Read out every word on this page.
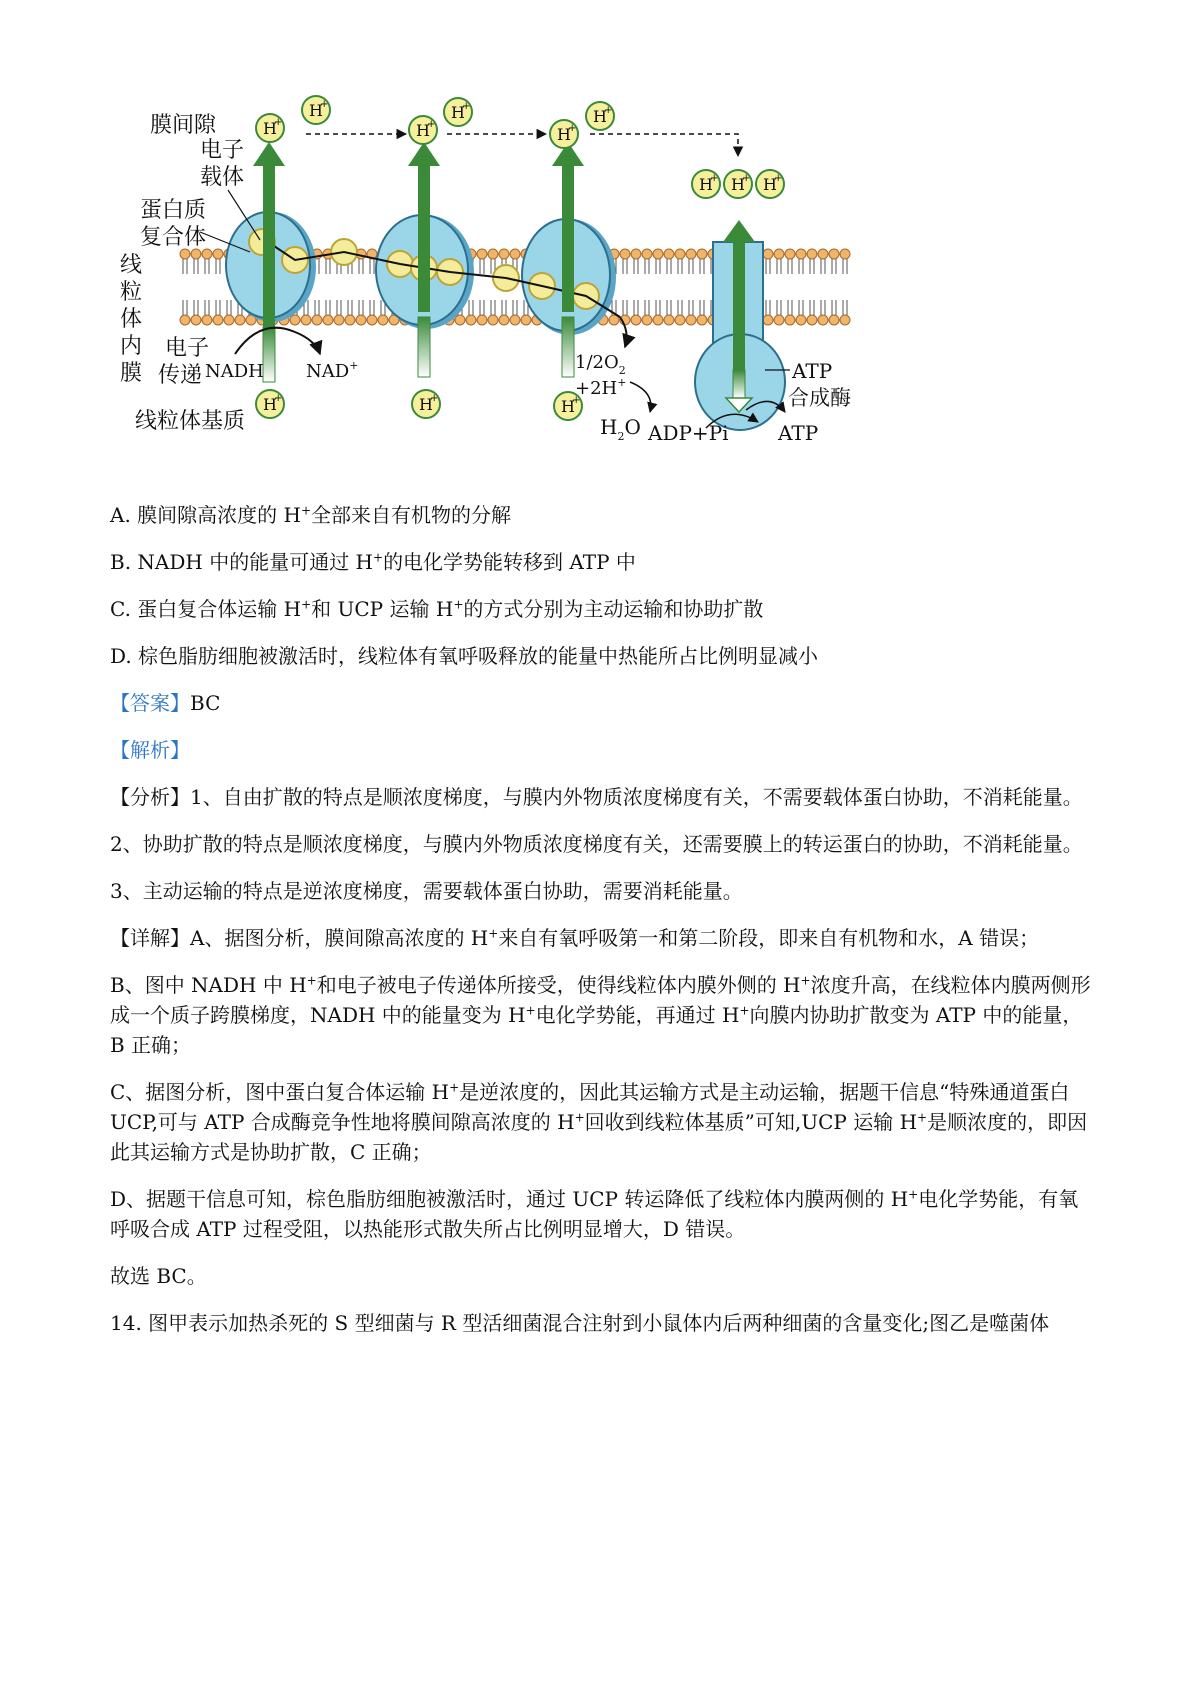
H
+
H
+
H
+
H
+
H
+
H
+
H
+ H
+ H
+
H
+	H
+	H
+
膜间隙
电子
载体
蛋白质
复合体
线
粒
体
内
膜
电子
传递 NADH NAD+
线粒体基质
$1/2O_2$
+2H+
$H_2O$ ADP+Pi ATP
ATP
合成酶

A. 膜间隙高浓度的 H+全部来自有机物的分解

B. NADH 中的能量可通过 H+的电化学势能转移到 ATP 中

C. 蛋白复合体运输 H+和 UCP 运输 H+的方式分别为主动运输和协助扩散

D. 棕色脂肪细胞被激活时，线粒体有氧呼吸释放的能量中热能所占比例明显减小

【答案】BC

【解析】

【分析】1、自由扩散的特点是顺浓度梯度，与膜内外物质浓度梯度有关，不需要载体蛋白协助，不消耗能量。

2、协助扩散的特点是顺浓度梯度，与膜内外物质浓度梯度有关，还需要膜上的转运蛋白的协助，不消耗能量。

3、主动运输的特点是逆浓度梯度，需要载体蛋白协助，需要消耗能量。

【详解】A、据图分析，膜间隙高浓度的 H+来自有氧呼吸第一和第二阶段，即来自有机物和水，A 错误；

B、图中 NADH 中 H+和电子被电子传递体所接受，使得线粒体内膜外侧的 H+浓度升高，在线粒体内膜两侧形成一个质子跨膜梯度，NADH 中的能量变为 H+电化学势能，再通过 H+向膜内协助扩散变为 ATP 中的能量，B 正确；

C、据图分析，图中蛋白复合体运输 H+是逆浓度的，因此其运输方式是主动运输，据题干信息“特殊通道蛋白 UCP,可与 ATP 合成酶竞争性地将膜间隙高浓度的 H+回收到线粒体基质”可知,UCP 运输 H+是顺浓度的，即因此其运输方式是协助扩散，C 正确；

D、据题干信息可知，棕色脂肪细胞被激活时，通过 UCP 转运降低了线粒体内膜两侧的 H+电化学势能，有氧呼吸合成 ATP 过程受阻，以热能形式散失所占比例明显增大，D 错误。

故选 BC。

14. 图甲表示加热杀死的 S 型细菌与 R 型活细菌混合注射到小鼠体内后两种细菌的含量变化;图乙是噬菌体
